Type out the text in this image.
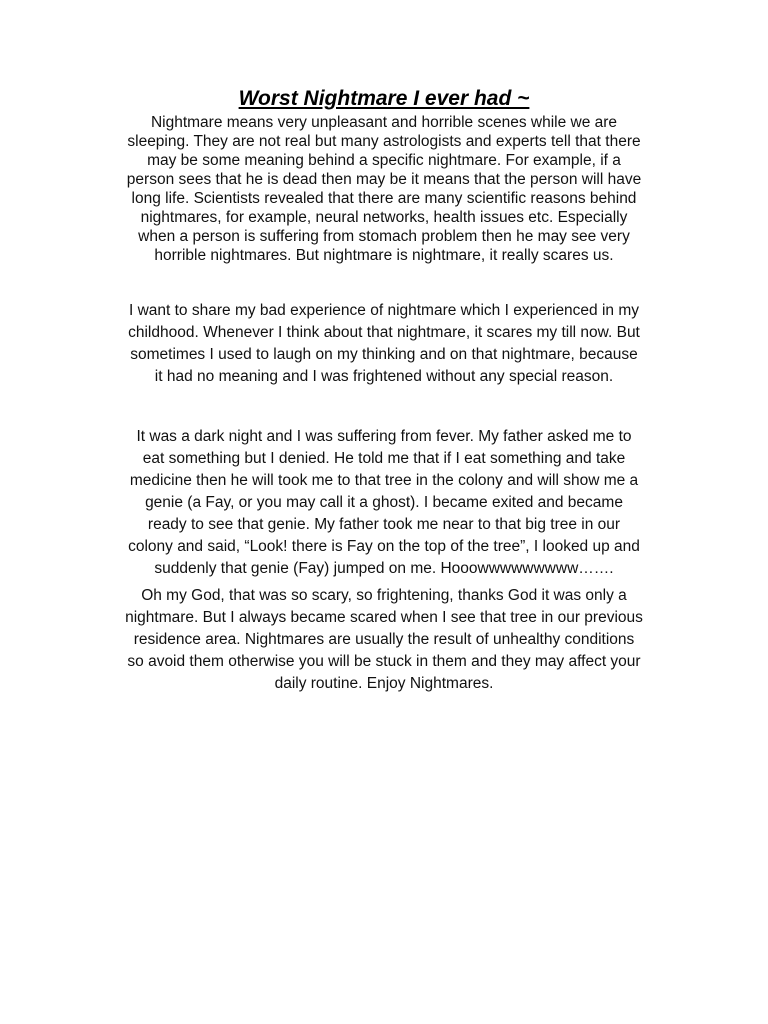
Worst Nightmare I ever had ~

Nightmare means very unpleasant and horrible scenes while we are
sleeping. They are not real but many astrologists and experts tell that there
may be some meaning behind a specific nightmare. For example, if a
person sees that he is dead then may be it means that the person will have
long life. Scientists revealed that there are many scientific reasons behind
nightmares, for example, neural networks, health issues etc. Especially
when a person is suffering from stomach problem then he may see very
horrible nightmares. But nightmare is nightmare, it really scares us.

I want to share my bad experience of nightmare which I experienced in my
childhood. Whenever I think about that nightmare, it scares my till now. But
sometimes I used to laugh on my thinking and on that nightmare, because
it had no meaning and I was frightened without any special reason.

It was a dark night and I was suffering from fever. My father asked me to
eat something but I denied. He told me that if I eat something and take
medicine then he will took me to that tree in the colony and will show me a
genie (a Fay, or you may call it a ghost). I became exited and became
ready to see that genie. My father took me near to that big tree in our
colony and said, “Look! there is Fay on the top of the tree”, I looked up and
suddenly that genie (Fay) jumped on me. Hooowwwwwwwww…….

Oh my God, that was so scary, so frightening, thanks God it was only a
nightmare. But I always became scared when I see that tree in our previous
residence area. Nightmares are usually the result of unhealthy conditions
so avoid them otherwise you will be stuck in them and they may affect your
daily routine. Enjoy Nightmares.
